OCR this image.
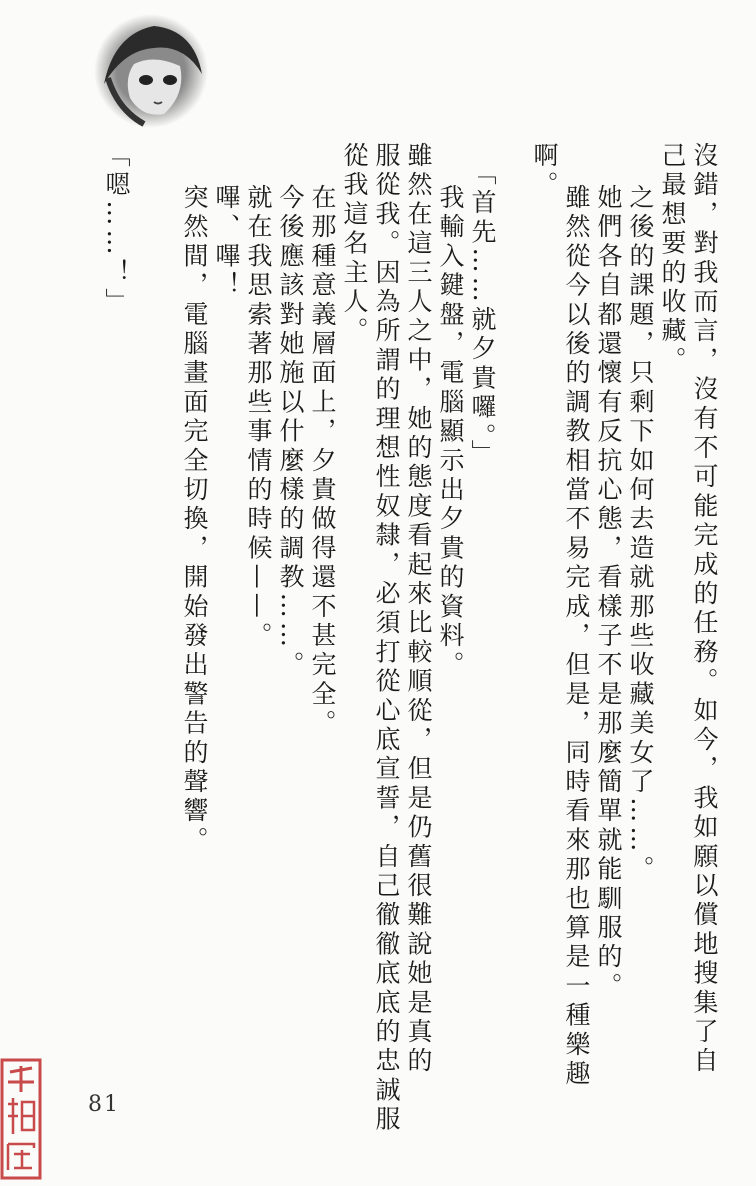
沒錯，對我而言，沒有不可能完成的任務。如今，我如願以償地搜集了自
己最想要的收藏。
之後的課題，只剩下如何去造就那些收藏美女了……。
她們各自都還懷有反抗心態，看樣子不是那麼簡單就能馴服的。
雖然從今以後的調教相當不易完成，但是，同時看來那也算是一種樂趣
啊。
「首先……就夕貴囉。」
我輸入鍵盤，電腦顯示出夕貴的資料。
雖然在這三人之中，她的態度看起來比較順從，但是仍舊很難說她是真的
服從我。因為所謂的理想性奴隸，必須打從心底宣誓，自己徹徹底底的忠誠服
從我這名主人。
在那種意義層面上，夕貴做得還不甚完全。
今後應該對她施以什麼樣的調教……。
就在我思索著那些事情的時候——。
嗶、嗶！
突然間，電腦畫面完全切換，開始發出警告的聲響。
「嗯……！」
81
